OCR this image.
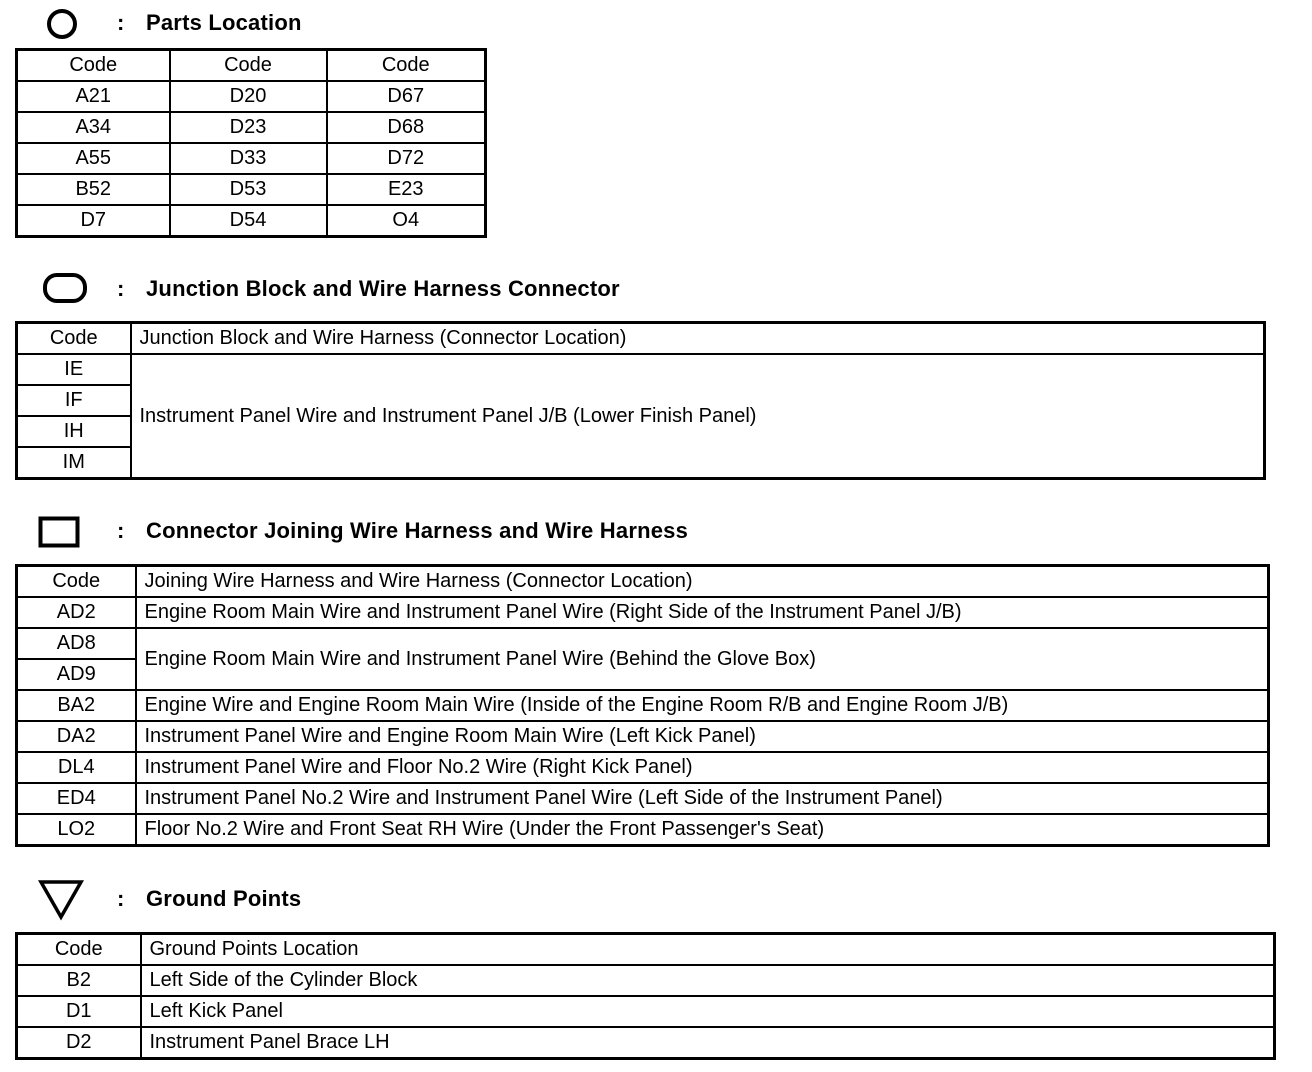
: Parts Location
Code	Code	Code
A21	D20	D67
A34	D23	D68
A55	D33	D72
B52	D53	E23
D7	D54	O4
: Junction Block and Wire Harness Connector
Code	Junction Block and Wire Harness (Connector Location)
IE	Instrument Panel Wire and Instrument Panel J/B (Lower Finish Panel)
IF	
IH	
IM	
: Connector Joining Wire Harness and Wire Harness
Code	Joining Wire Harness and Wire Harness (Connector Location)
AD2	Engine Room Main Wire and Instrument Panel Wire (Right Side of the Instrument Panel J/B)
AD8	Engine Room Main Wire and Instrument Panel Wire (Behind the Glove Box)
AD9	
BA2	Engine Wire and Engine Room Main Wire (Inside of the Engine Room R/B and Engine Room J/B)
DA2	Instrument Panel Wire and Engine Room Main Wire (Left Kick Panel)
DL4	Instrument Panel Wire and Floor No.2 Wire (Right Kick Panel)
ED4	Instrument Panel No.2 Wire and Instrument Panel Wire (Left Side of the Instrument Panel)
LO2	Floor No.2 Wire and Front Seat RH Wire (Under the Front Passenger's Seat)
: Ground Points
Code	Ground Points Location
B2	Left Side of the Cylinder Block
D1	Left Kick Panel
D2	Instrument Panel Brace LH
